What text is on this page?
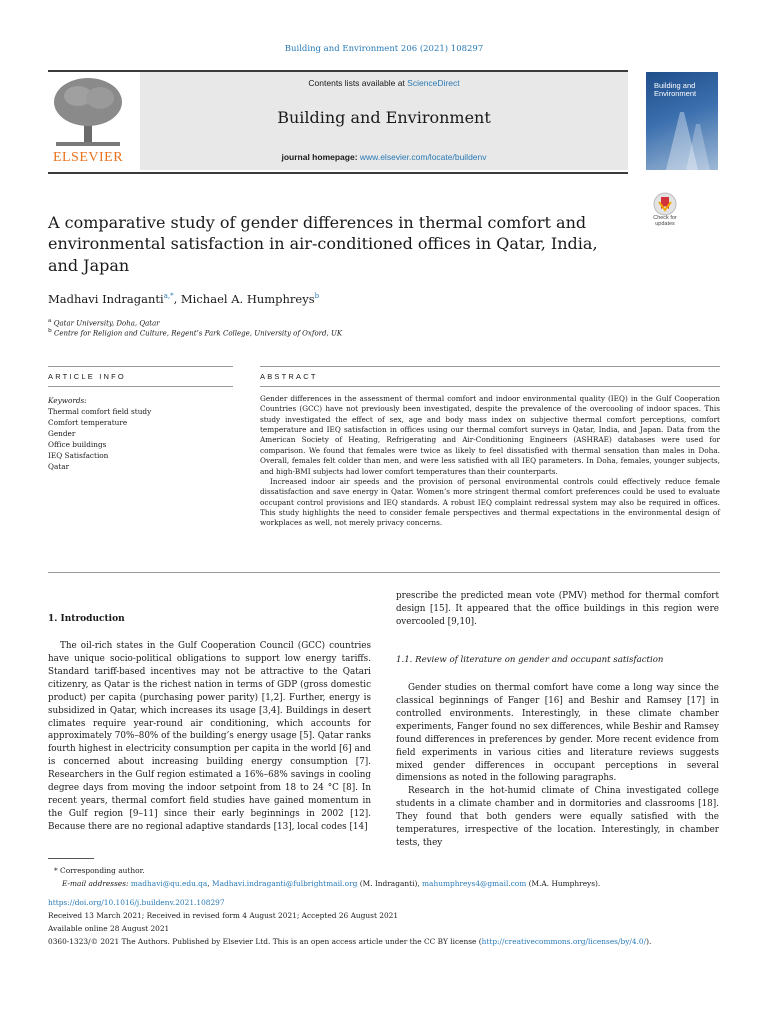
Building and Environment 206 (2021) 108297
ELSEVIER
Contents lists available at ScienceDirect
Building and Environment
journal homepage: www.elsevier.com/locate/buildenv
Building and Environment
Check for updates
A comparative study of gender differences in thermal comfort and environmental satisfaction in air-conditioned offices in Qatar, India, and Japan
Madhavi Indraganti$^{a,*}$, Michael A. Humphreys$^b$
$^a$ Qatar University, Doha, Qatar
$^b$ Centre for Religion and Culture, Regent’s Park College, University of Oxford, UK
ARTICLE INFO	ABSTRACT
Keywords:
Thermal comfort field study
Comfort temperature
Gender
Office buildings
IEQ Satisfaction
Qatar

Gender differences in the assessment of thermal comfort and indoor environmental quality (IEQ) in the Gulf Cooperation Countries (GCC) have not previously been investigated, despite the prevalence of the overcooling of indoor spaces. This study investigated the effect of sex, age and body mass index on subjective thermal comfort perceptions, comfort temperature and IEQ satisfaction in offices using our thermal comfort surveys in Qatar, India, and Japan. Data from the American Society of Heating, Refrigerating and Air-Conditioning Engineers (ASHRAE) databases were used for comparison. We found that females were twice as likely to feel dissatisfied with thermal sensation than males in Doha. Overall, females felt colder than men, and were less satisfied with all IEQ parameters. In Doha, females, younger subjects, and high-BMI subjects had lower comfort temperatures than their counterparts.

Increased indoor air speeds and the provision of personal environmental controls could effectively reduce female dissatisfaction and save energy in Qatar. Women’s more stringent thermal comfort preferences could be used to evaluate occupant control provisions and IEQ standards. A robust IEQ complaint redressal system may also be required in offices. This study highlights the need to consider female perspectives and thermal expectations in the environmental design of workplaces as well, not merely privacy concerns.

1. Introduction

The oil-rich states in the Gulf Cooperation Council (GCC) countries have unique socio-political obligations to support low energy tariffs. Standard tariff-based incentives may not be attractive to the Qatari citizenry, as Qatar is the richest nation in terms of GDP (gross domestic product) per capita (purchasing power parity) [1,2]. Further, energy is subsidized in Qatar, which increases its usage [3,4]. Buildings in desert climates require year-round air conditioning, which accounts for approximately 70%–80% of the building’s energy usage [5]. Qatar ranks fourth highest in electricity consumption per capita in the world [6] and is concerned about increasing building energy consumption [7]. Researchers in the Gulf region estimated a 16%–68% savings in cooling degree days from moving the indoor setpoint from 18 to 24 °C [8]. In recent years, thermal comfort field studies have gained momentum in the Gulf region [9–11] since their early beginnings in 2002 [12]. Because there are no regional adaptive standards [13], local codes [14]

prescribe the predicted mean vote (PMV) method for thermal comfort design [15]. It appeared that the office buildings in this region were overcooled [9,10].

1.1. Review of literature on gender and occupant satisfaction

Gender studies on thermal comfort have come a long way since the classical beginnings of Fanger [16] and Beshir and Ramsey [17] in controlled environments. Interestingly, in these climate chamber experiments, Fanger found no sex differences, while Beshir and Ramsey found differences in preferences by gender. More recent evidence from field experiments in various cities and literature reviews suggests mixed gender differences in occupant perceptions in several dimensions as noted in the following paragraphs.

Research in the hot-humid climate of China investigated college students in a climate chamber and in dormitories and classrooms [18]. They found that both genders were equally satisfied with the temperatures, irrespective of the location. Interestingly, in chamber tests, they

* Corresponding author.
E-mail addresses: madhavi@qu.edu.qa, Madhavi.indraganti@fulbrightmail.org (M. Indraganti), mahumphreys4@gmail.com (M.A. Humphreys).
https://doi.org/10.1016/j.buildenv.2021.108297
Received 13 March 2021; Received in revised form 4 August 2021; Accepted 26 August 2021
Available online 28 August 2021
0360-1323/© 2021 The Authors. Published by Elsevier Ltd. This is an open access article under the CC BY license (http://creativecommons.org/licenses/by/4.0/).
